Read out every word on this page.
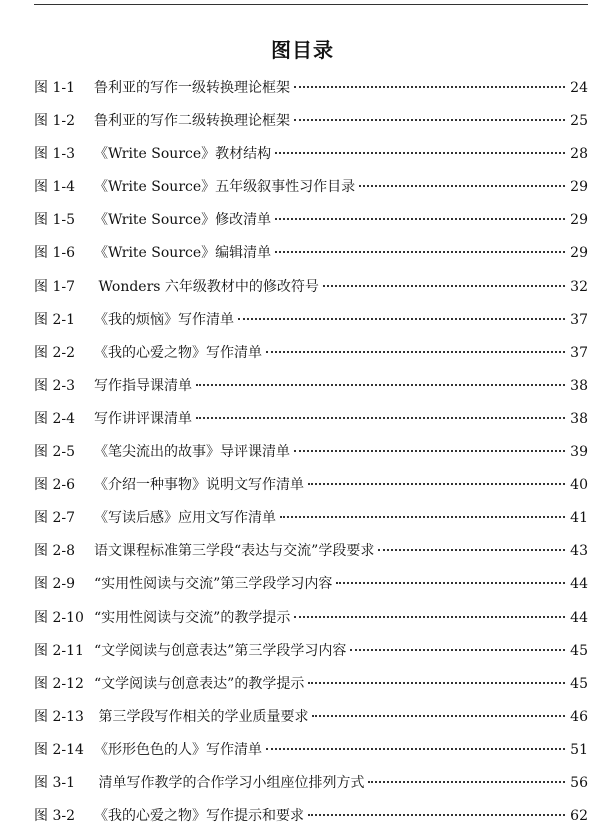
图目录
图 1-1	鲁利亚的写作一级转换理论框架	24
图 1-2	鲁利亚的写作二级转换理论框架	25
图 1-3	《Write Source》教材结构	28
图 1-4	《Write Source》五年级叙事性习作目录	29
图 1-5	《Write Source》修改清单	29
图 1-6	《Write Source》编辑清单	29
图 1-7	Wonders 六年级教材中的修改符号	32
图 2-1	《我的烦恼》写作清单	37
图 2-2	《我的心爱之物》写作清单	37
图 2-3	写作指导课清单	38
图 2-4	写作讲评课清单	38
图 2-5	《笔尖流出的故事》导评课清单	39
图 2-6	《介绍一种事物》说明文写作清单	40
图 2-7	《写读后感》应用文写作清单	41
图 2-8	语文课程标准第三学段“表达与交流”学段要求	43
图 2-9	“实用性阅读与交流”第三学段学习内容	44
图 2-10 “实用性阅读与交流”的教学提示	44
图 2-11 “文学阅读与创意表达”第三学段学习内容	45
图 2-12 “文学阅读与创意表达”的教学提示	45
图 2-13 第三学段写作相关的学业质量要求	46
图 2-14 《形形色色的人》写作清单	51
图 3-1	清单写作教学的合作学习小组座位排列方式	56
图 3-2	《我的心爱之物》写作提示和要求	62
